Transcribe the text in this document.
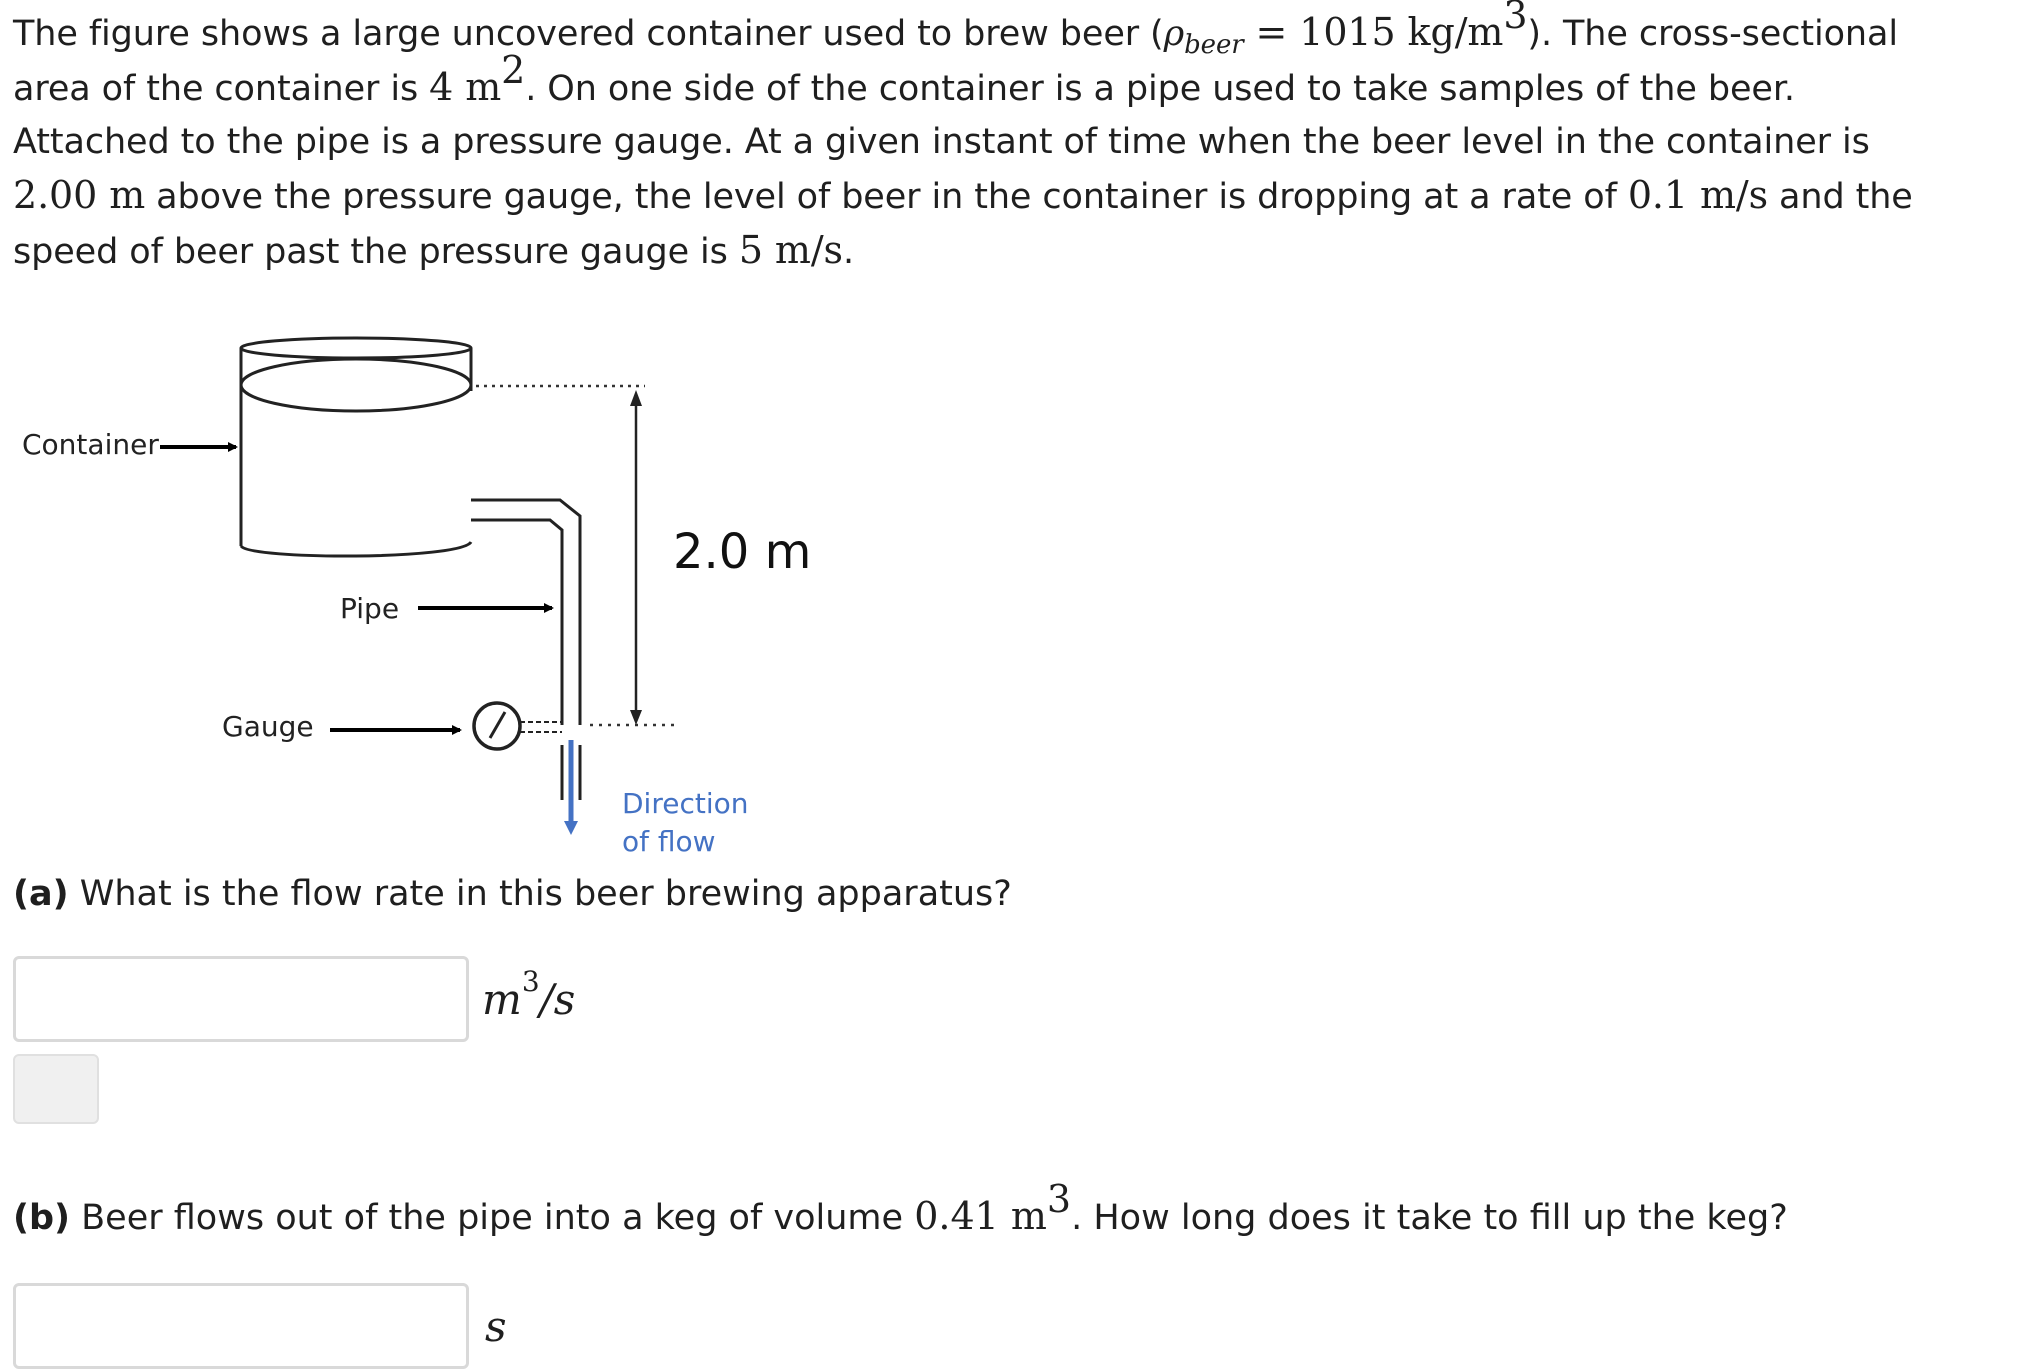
The figure shows a large uncovered container used to brew beer ($\rho_{beer} = 1015$ $kg/m^3$). The cross-sectional area of the container is 4 $m^2$. On one side of the container is a pipe used to take samples of the beer. Attached to the pipe is a pressure gauge. At a given instant of time when the beer level in the container is 2.00 m above the pressure gauge, the level of beer in the container is dropping at a rate of 0.1 m/s and the speed of beer past the pressure gauge is 5 m/s.
Container
Pipe
Gauge
2.0 m
Direction of flow
(a) What is the flow rate in this beer brewing apparatus?
$m^3/s$
(b) Beer flows out of the pipe into a keg of volume 0.41 $m^3$. How long does it take to fill up the keg?
s
